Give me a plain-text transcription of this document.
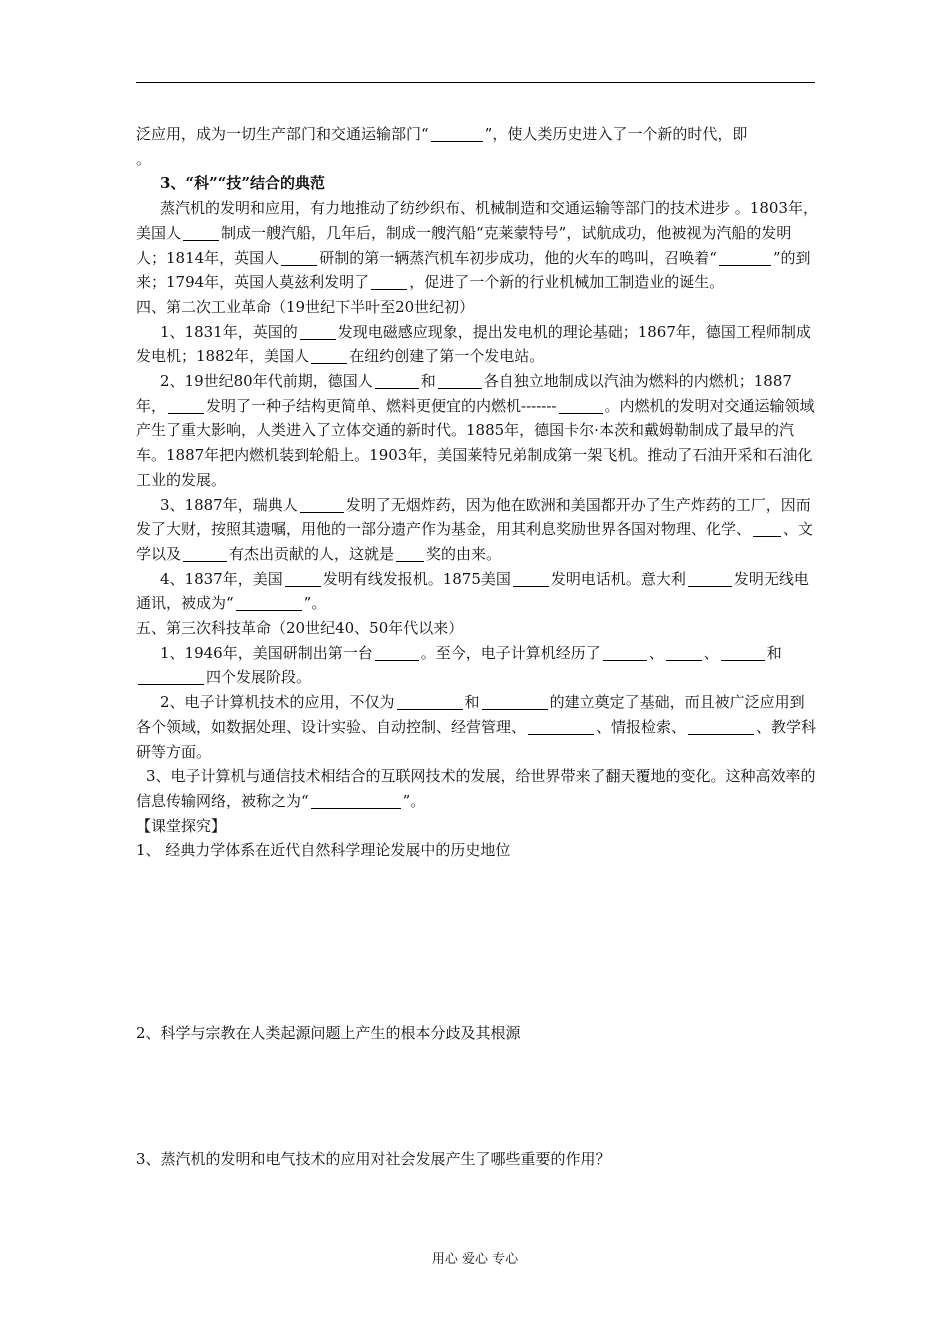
泛应用，成为一切生产部门和交通运输部门“	”，使人类历史进入了一个新的时代，即

。

3、“科”“技”结合的典范

蒸汽机的发明和应用，有力地推动了纺纱织布、机械制造和交通运输等部门的技术进步 。1803年，美国人	制成一艘汽船，几年后，制成一艘汽船“克莱蒙特号”，试航成功，他被视为汽船的发明人；1814年，英国人	研制的第一辆蒸汽机车初步成功，他的火车的鸣叫，召唤着“	”的到来；1794年，英国人莫兹利发明了	，促进了一个新的行业机械加工制造业的诞生。

四、第二次工业革命（19世纪下半叶至20世纪初）

1、1831年，英国的	发现电磁感应现象，提出发电机的理论基础；1867年，德国工程师制成发电机；1882年，美国人	在纽约创建了第一个发电站。

2、19世纪80年代前期，德国人	和	各自独立地制成以汽油为燃料的内燃机；1887年，	发明了一种子结构更简单、燃料更便宜的内燃机-------	。内燃机的发明对交通运输领域产生了重大影响，人类进入了立体交通的新时代。1885年，德国卡尔·本茨和戴姆勒制成了最早的汽车。1887年把内燃机装到轮船上。1903年，美国莱特兄弟制成第一架飞机。推动了石油开采和石油化工业的发展。

3、1887年，瑞典人	发明了无烟炸药，因为他在欧洲和美国都开办了生产炸药的工厂，因而发了大财，按照其遗嘱，用他的一部分遗产作为基金，用其利息奖励世界各国对物理、化学、 、文学以及	有杰出贡献的人，这就是 奖的由来。

4、1837年，美国	发明有线发报机。1875美国	发明电话机。意大利	发明无线电通讯，被成为“	”。

五、第三次科技革命（20世纪40、50年代以来）

1、1946年，美国研制出第一台	。至今，电子计算机经历了	、	、	和四个发展阶段。

2、电子计算机技术的应用，不仅为	和	的建立奠定了基础，而且被广泛应用到各个领域，如数据处理、设计实验、自动控制、经营管理、	、情报检索、	、教学科研等方面。

3、电子计算机与通信技术相结合的互联网技术的发展，给世界带来了翻天覆地的变化。这种高效率的信息传输网络，被称之为“	”。

【课堂探究】

1、 经典力学体系在近代自然科学理论发展中的历史地位

2、科学与宗教在人类起源问题上产生的根本分歧及其根源
3、蒸汽机的发明和电气技术的应用对社会发展产生了哪些重要的作用？
用心 爱心 专心
